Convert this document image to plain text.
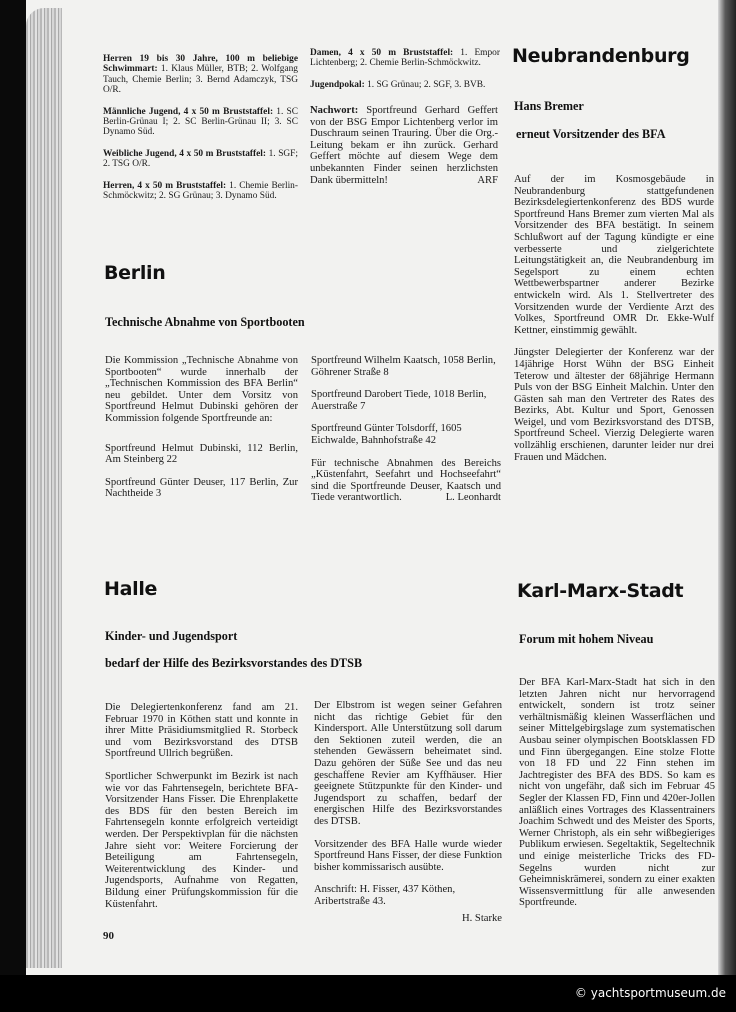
Herren 19 bis 30 Jahre, 100 m beliebige Schwimmart: 1. Klaus Müller, BTB; 2. Wolfgang Tauch, Chemie Berlin; 3. Bernd Adamczyk, TSG O/R.

Männliche Jugend, 4 x 50 m Bruststaffel: 1. SC Berlin-Grünau I; 2. SC Berlin-Grünau II; 3. SC Dynamo Süd.

Weibliche Jugend, 4 x 50 m Bruststaffel: 1. SGF; 2. TSG O/R.

Herren, 4 x 50 m Bruststaffel: 1. Chemie Berlin-Schmöckwitz; 2. SG Grünau; 3. Dynamo Süd.

Damen, 4 x 50 m Bruststaffel: 1. Empor Lichtenberg; 2. Chemie Berlin-Schmöckwitz.

Jugendpokal: 1. SG Grünau; 2. SGF, 3. BVB.

Nachwort: Sportfreund Gerhard Geffert von der BSG Empor Lichtenberg verlor im Duschraum seinen Trauring. Über die Org.-Leitung bekam er ihn zurück. Gerhard Geffert möchte auf diesem Wege dem unbekannten Finder seinen herzlichsten Dank übermitteln!	ARF

Neubrandenburg
Hans Bremer
erneut Vorsitzender des BFA

Auf der im Kosmosgebäude in Neubrandenburg stattgefundenen Bezirksdelegiertenkonferenz des BDS wurde Sportfreund Hans Bremer zum vierten Mal als Vorsitzender des BFA bestätigt. In seinem Schlußwort auf der Tagung kündigte er eine verbesserte und zielgerichtete Leitungstätigkeit an, die Neubrandenburg im Segelsport zu einem echten Wettbewerbspartner anderer Bezirke entwickeln wird. Als 1. Stellvertreter des Vorsitzenden wurde der Verdiente Arzt des Volkes, Sportfreund OMR Dr. Ekke-Wulf Kettner, einstimmig gewählt.

Jüngster Delegierter der Konferenz war der 14jährige Horst Wühn der BSG Einheit Teterow und ältester der 68jährige Hermann Puls von der BSG Einheit Malchin. Unter den Gästen sah man den Vertreter des Rates des Bezirks, Abt. Kultur und Sport, Genossen Weigel, und vom Bezirksvorstand des DTSB, Sportfreund Scheel. Vierzig Delegierte waren vollzählig erschienen, darunter leider nur drei Frauen und Mädchen.

Berlin
Technische Abnahme von Sportbooten

Die Kommission „Technische Abnahme von Sportbooten“ wurde innerhalb der „Technischen Kommission des BFA Berlin“ neu gebildet. Unter dem Vorsitz von Sportfreund Helmut Dubinski gehören der Kommission folgende Sportfreunde an:

Sportfreund Helmut Dubinski, 112 Berlin, Am Steinberg 22

Sportfreund Günter Deuser, 117 Berlin, Zur Nachtheide 3

Sportfreund Wilhelm Kaatsch, 1058 Berlin, Göhrener Straße 8

Sportfreund Darobert Tiede, 1018 Berlin, Auerstraße 7

Sportfreund Günter Tolsdorff, 1605 Eichwalde, Bahnhofstraße 42

Für technische Abnahmen des Bereichs „Küstenfahrt, Seefahrt und Hochseefahrt“ sind die Sportfreunde Deuser, Kaatsch und Tiede verantwortlich.	L. Leonhardt

Halle
Kinder- und Jugendsport
bedarf der Hilfe des Bezirksvorstandes des DTSB

Die Delegiertenkonferenz fand am 21. Februar 1970 in Köthen statt und konnte in ihrer Mitte Präsidiumsmitglied R. Storbeck und vom Bezirksvorstand des DTSB Sportfreund Ullrich begrüßen.

Sportlicher Schwerpunkt im Bezirk ist nach wie vor das Fahrtensegeln, berichtete BFA-Vorsitzender Hans Fisser. Die Ehrenplakette des BDS für den besten Bereich im Fahrtensegeln konnte erfolgreich verteidigt werden. Der Perspektivplan für die nächsten Jahre sieht vor: Weitere Forcierung der Beteiligung am Fahrtensegeln, Weiterentwicklung des Kinder- und Jugendsports, Aufnahme von Regatten, Bildung einer Prüfungskommission für die Küstenfahrt.

Der Elbstrom ist wegen seiner Gefahren nicht das richtige Gebiet für den Kindersport. Alle Unterstützung soll darum den Sektionen zuteil werden, die an stehenden Gewässern beheimatet sind. Dazu gehören der Süße See und das neu geschaffene Revier am Kyffhäuser. Hier geeignete Stützpunkte für den Kinder- und Jugendsport zu schaffen, bedarf der energischen Hilfe des Bezirksvorstandes des DTSB.

Vorsitzender des BFA Halle wurde wieder Sportfreund Hans Fisser, der diese Funktion bisher kommissarisch ausübte.

Anschrift: H. Fisser, 437 Köthen, Aribertstraße 43.

H. Starke

Karl-Marx-Stadt
Forum mit hohem Niveau

Der BFA Karl-Marx-Stadt hat sich in den letzten Jahren nicht nur hervorragend entwickelt, sondern ist trotz seiner verhältnismäßig kleinen Wasserflächen und seiner Mittelgebirgslage zum systematischen Ausbau seiner olympischen Bootsklassen FD und Finn übergegangen. Eine stolze Flotte von 18 FD und 22 Finn stehen im Jachtregister des BFA des BDS. So kam es nicht von ungefähr, daß sich im Februar 45 Segler der Klassen FD, Finn und 420er-Jollen anläßlich eines Vortrages des Klassentrainers Joachim Schwedt und des Meister des Sports, Werner Christoph, als ein sehr wißbegieriges Publikum erwiesen. Segeltaktik, Segeltechnik und einige meisterliche Tricks des FD-Segelns wurden nicht zur Geheimniskrämerei, sondern zu einer exakten Wissensvermittlung für alle anwesenden Sportfreunde.

90
© yachtsportmuseum.de
